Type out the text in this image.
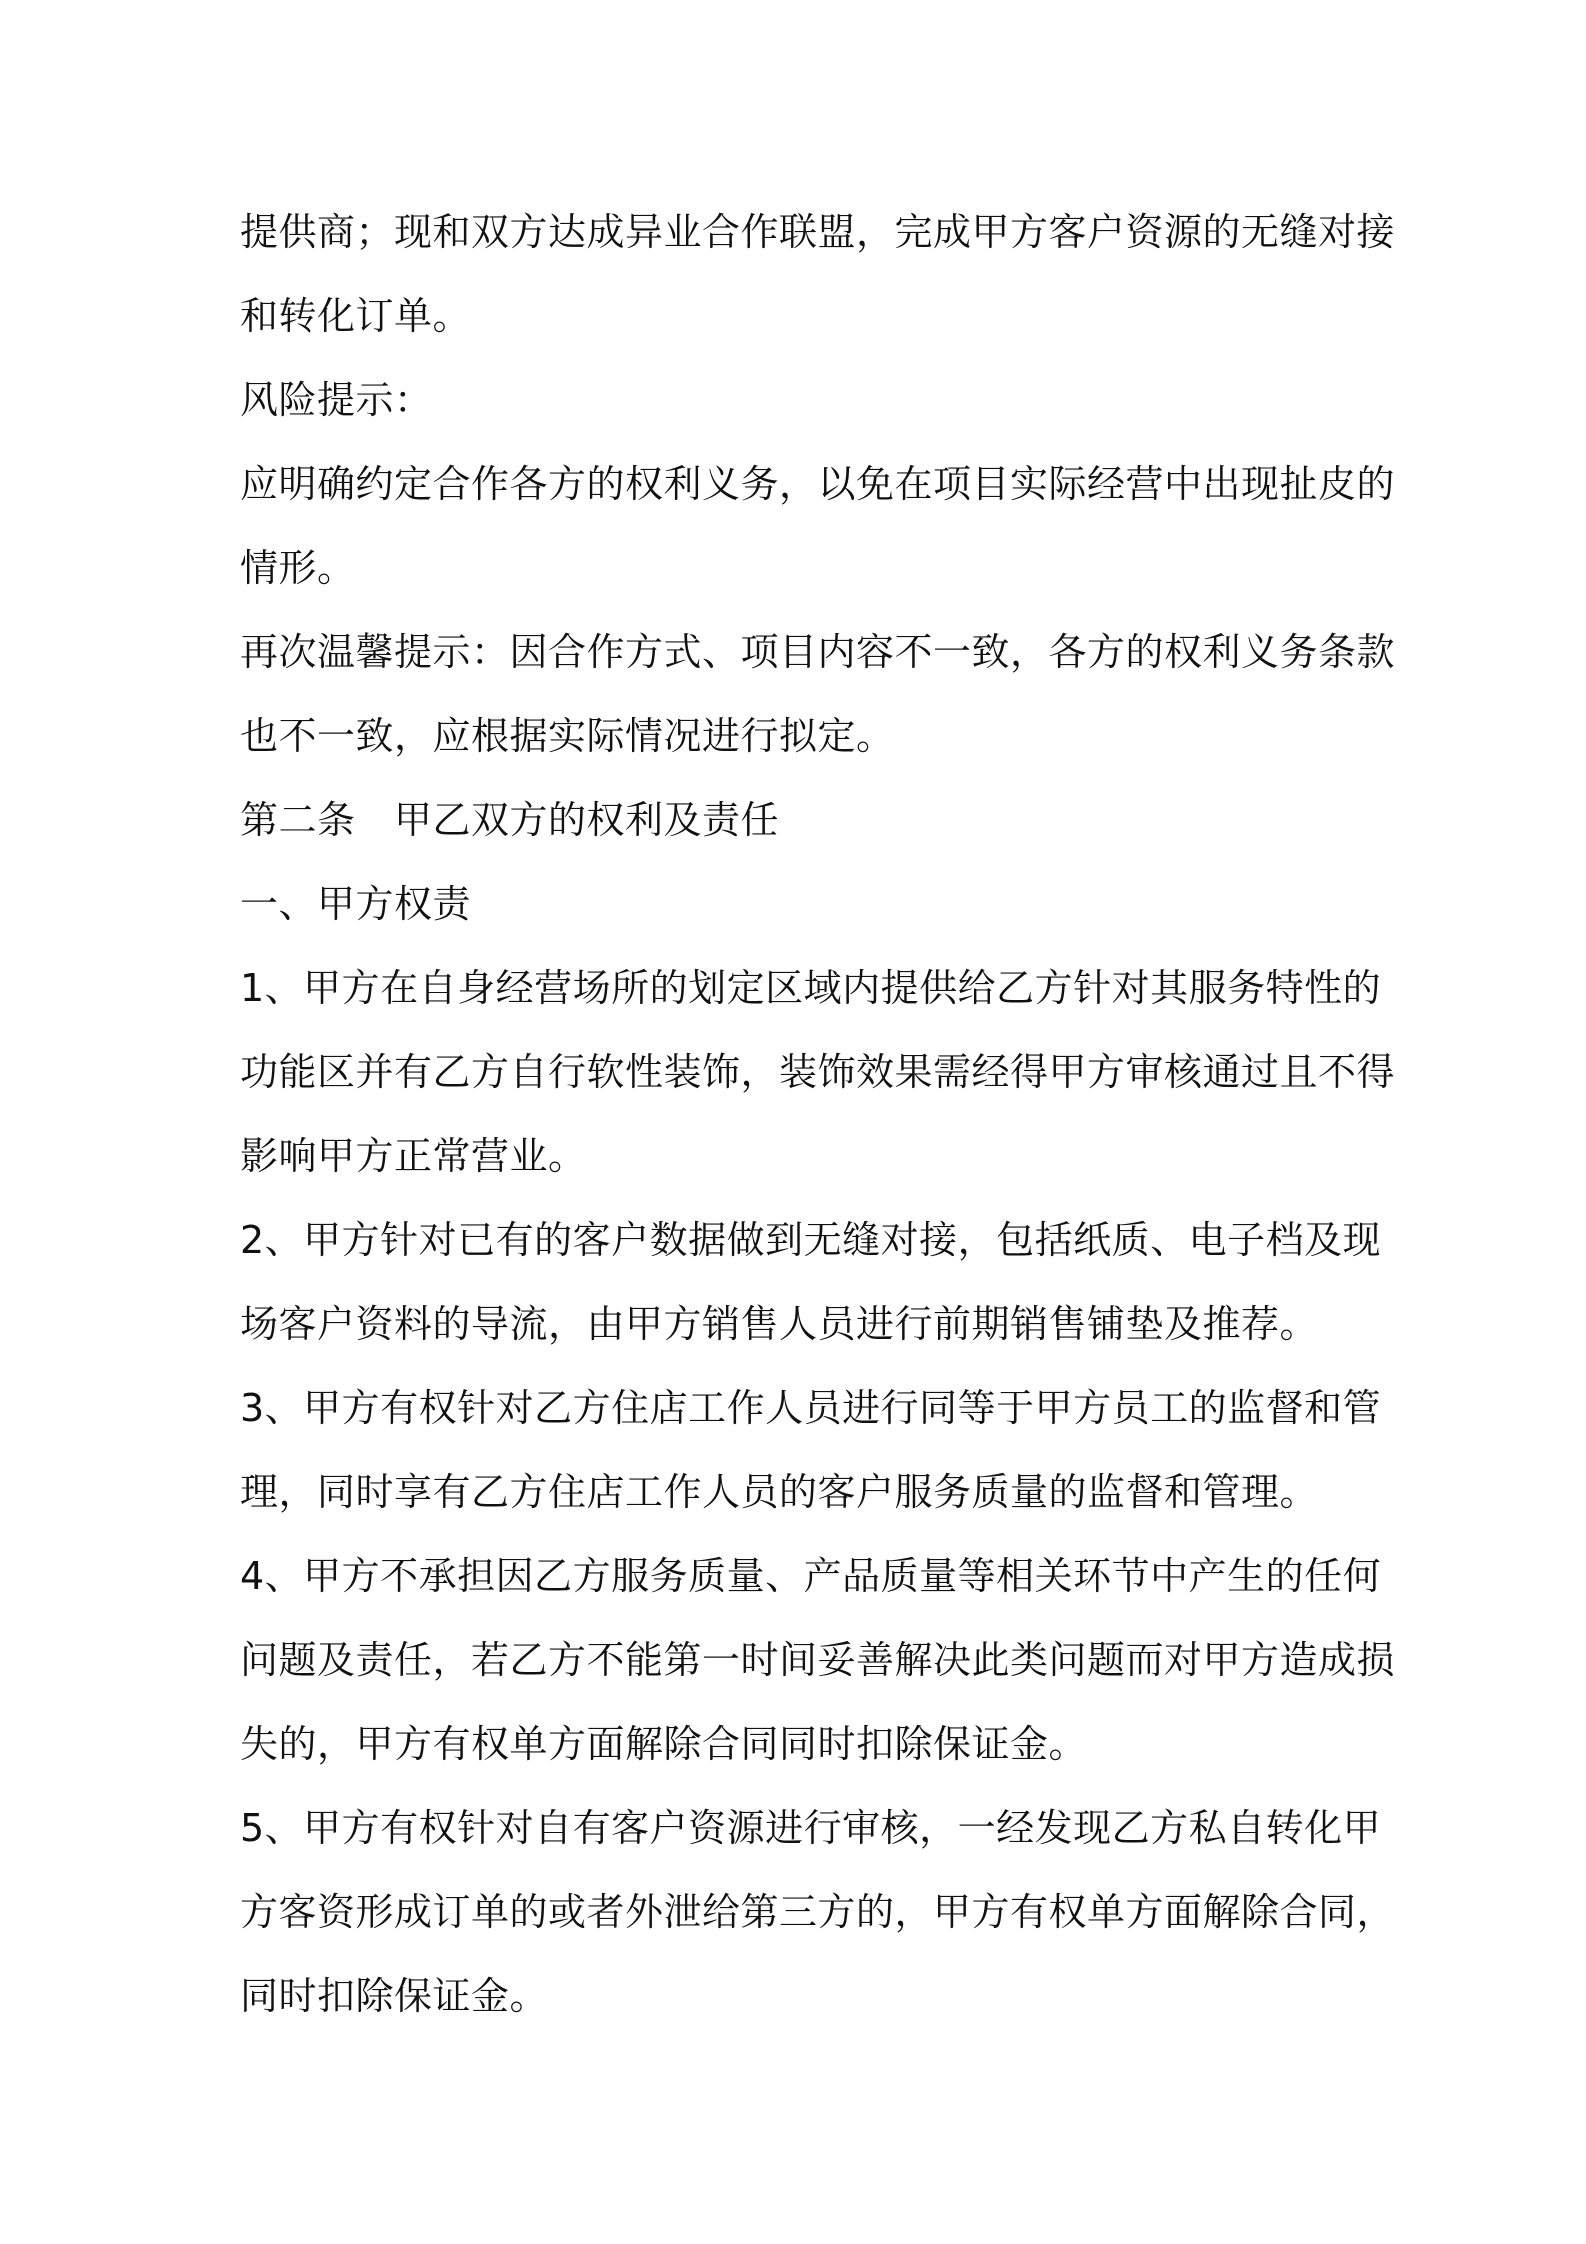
提供商；现和双方达成异业合作联盟，完成甲方客户资源的无缝对接
和转化订单。
风险提示：
应明确约定合作各方的权利义务，以免在项目实际经营中出现扯皮的
情形。
再次温馨提示：因合作方式、项目内容不一致，各方的权利义务条款
也不一致，应根据实际情况进行拟定。
第二条　甲乙双方的权利及责任
一、甲方权责
1、甲方在自身经营场所的划定区域内提供给乙方针对其服务特性的
功能区并有乙方自行软性装饰，装饰效果需经得甲方审核通过且不得
影响甲方正常营业。
2、甲方针对已有的客户数据做到无缝对接，包括纸质、电子档及现
场客户资料的导流，由甲方销售人员进行前期销售铺垫及推荐。
3、甲方有权针对乙方住店工作人员进行同等于甲方员工的监督和管
理，同时享有乙方住店工作人员的客户服务质量的监督和管理。
4、甲方不承担因乙方服务质量、产品质量等相关环节中产生的任何
问题及责任，若乙方不能第一时间妥善解决此类问题而对甲方造成损
失的，甲方有权单方面解除合同同时扣除保证金。
5、甲方有权针对自有客户资源进行审核，一经发现乙方私自转化甲
方客资形成订单的或者外泄给第三方的，甲方有权单方面解除合同，
同时扣除保证金。
